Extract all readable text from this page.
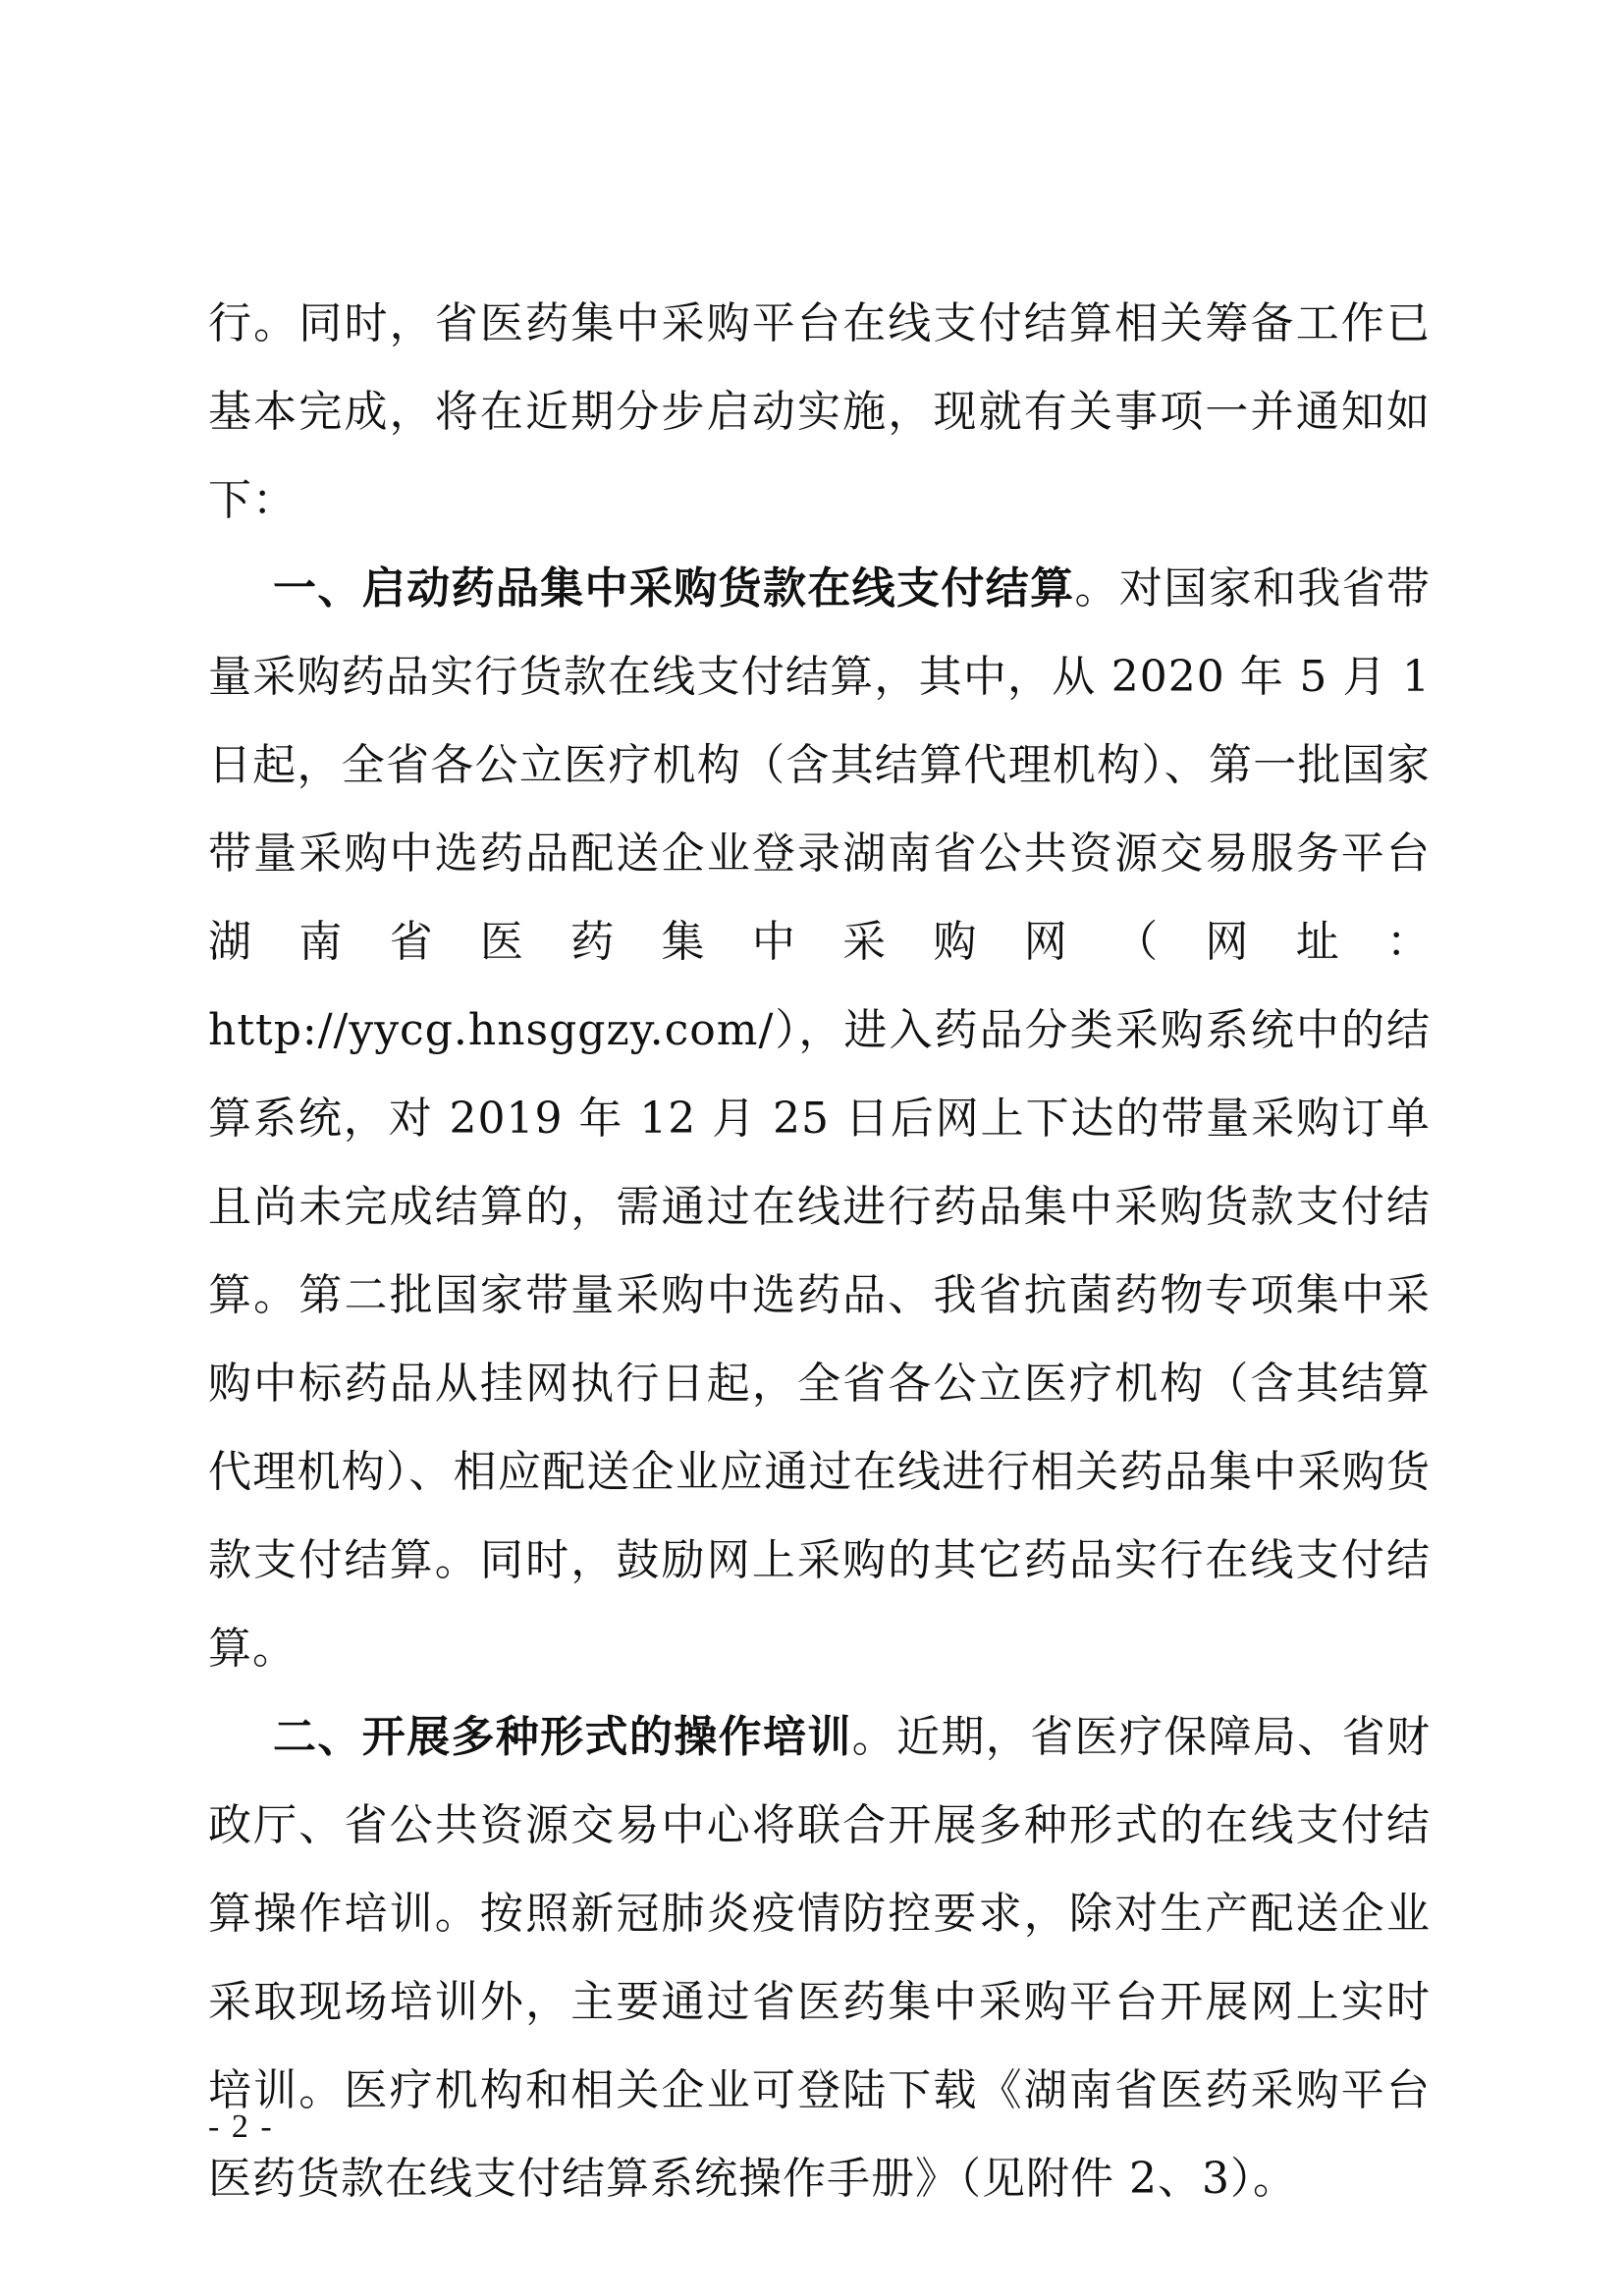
行。同时，省医药集中采购平台在线支付结算相关筹备工作已基本完成，将在近期分步启动实施，现就有关事项一并通知如下：

一、启动药品集中采购货款在线支付结算。对国家和我省带量采购药品实行货款在线支付结算，其中，从 2020 年 5 月 1 日起，全省各公立医疗机构（含其结算代理机构）、第一批国家带量采购中选药品配送企业登录湖南省公共资源交易服务平台湖南省医药集中采购网（网址：http://yycg.hnsggzy.com/），进入药品分类采购系统中的结算系统，对 2019 年 12 月 25 日后网上下达的带量采购订单且尚未完成结算的，需通过在线进行药品集中采购货款支付结算。第二批国家带量采购中选药品、我省抗菌药物专项集中采购中标药品从挂网执行日起，全省各公立医疗机构（含其结算代理机构）、相应配送企业应通过在线进行相关药品集中采购货款支付结算。同时，鼓励网上采购的其它药品实行在线支付结算。

二、开展多种形式的操作培训。近期，省医疗保障局、省财政厅、省公共资源交易中心将联合开展多种形式的在线支付结算操作培训。按照新冠肺炎疫情防控要求，除对生产配送企业采取现场培训外，主要通过省医药集中采购平台开展网上实时培训。医疗机构和相关企业可登陆下载《湖南省医药采购平台医药货款在线支付结算系统操作手册》（见附件 2、3）。

- 2 -
